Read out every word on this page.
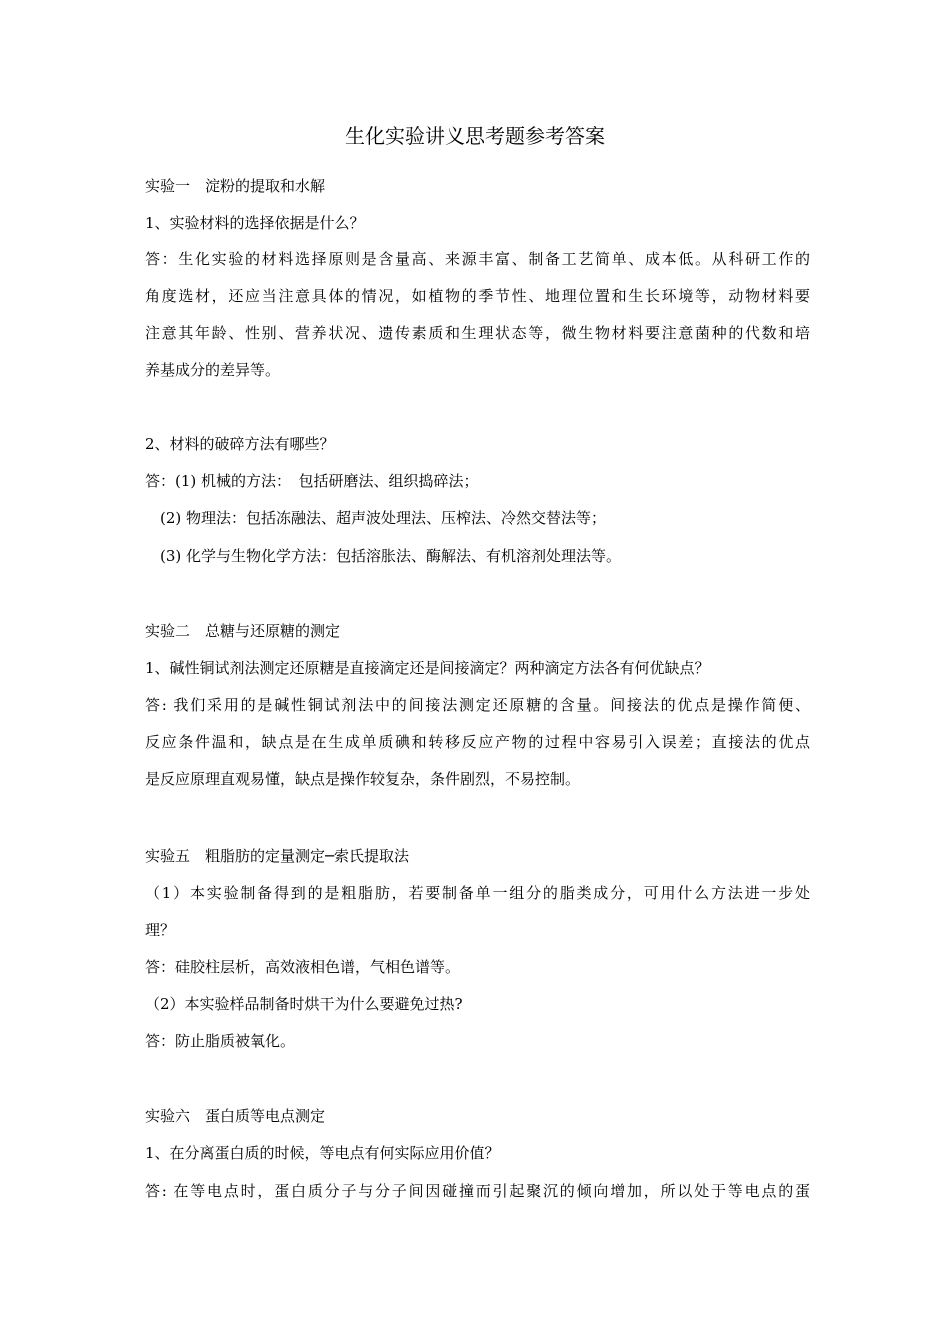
生化实验讲义思考题参考答案
实验一　淀粉的提取和水解
1、实验材料的选择依据是什么？
答：生化实验的材料选择原则是含量高、来源丰富、制备工艺简单、成本低。从科研工作的
角度选材，还应当注意具体的情况，如植物的季节性、地理位置和生长环境等，动物材料要
注意其年龄、性别、营养状况、遗传素质和生理状态等，微生物材料要注意菌种的代数和培
养基成分的差异等。
2、材料的破碎方法有哪些？
答：(1) 机械的方法：　包括研磨法、组织捣碎法；
(2) 物理法：包括冻融法、超声波处理法、压榨法、冷然交替法等；
(3) 化学与生物化学方法：包括溶胀法、酶解法、有机溶剂处理法等。
实验二　总糖与还原糖的测定
1、碱性铜试剂法测定还原糖是直接滴定还是间接滴定？两种滴定方法各有何优缺点？
答: 我们采用的是碱性铜试剂法中的间接法测定还原糖的含量。间接法的优点是操作简便、
反应条件温和，缺点是在生成单质碘和转移反应产物的过程中容易引入误差；直接法的优点
是反应原理直观易懂，缺点是操作较复杂，条件剧烈，不易控制。
实验五　粗脂肪的定量测定─索氏提取法
（1）本实验制备得到的是粗脂肪，若要制备单一组分的脂类成分，可用什么方法进一步处
理？
答：硅胶柱层析，高效液相色谱，气相色谱等。
（2）本实验样品制备时烘干为什么要避免过热?
答：防止脂质被氧化。
实验六　蛋白质等电点测定
1、在分离蛋白质的时候，等电点有何实际应用价值？
答: 在等电点时，蛋白质分子与分子间因碰撞而引起聚沉的倾向增加，所以处于等电点的蛋
